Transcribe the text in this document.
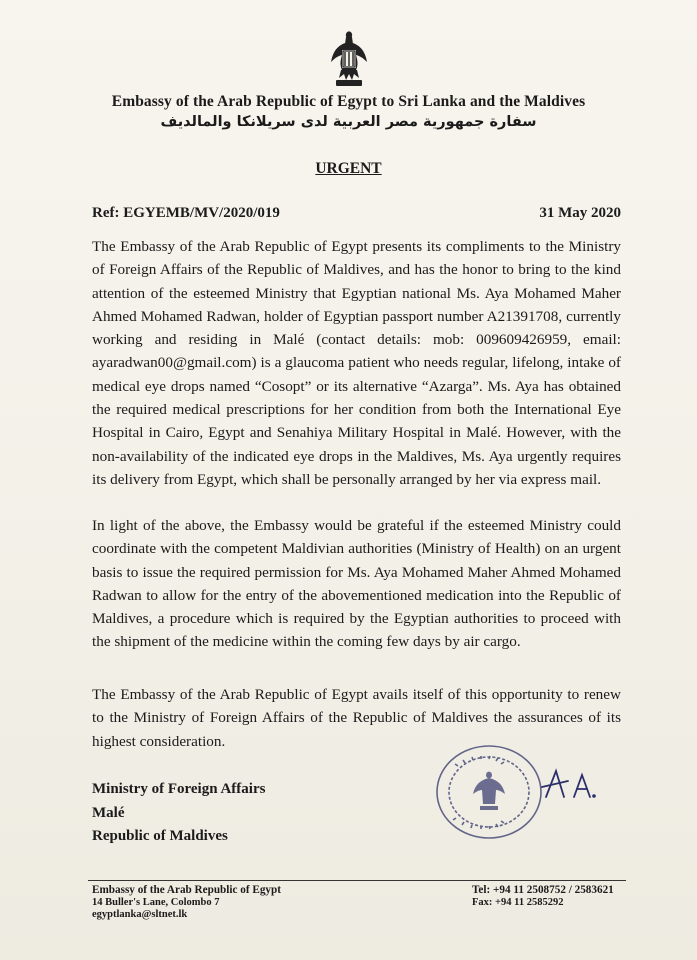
Embassy of the Arab Republic of Egypt to Sri Lanka and the Maldives
سفارة جمهورية مصر العربية لدى سريلانكا والمالديف
URGENT
Ref: EGYEMB/MV/2020/019	31 May 2020
The Embassy of the Arab Republic of Egypt presents its compliments to the Ministry of Foreign Affairs of the Republic of Maldives, and has the honor to bring to the kind attention of the esteemed Ministry that Egyptian national Ms. Aya Mohamed Maher Ahmed Mohamed Radwan, holder of Egyptian passport number A21391708, currently working and residing in Malé (contact details: mob: 009609426959, email: ayaradwan00@gmail.com) is a glaucoma patient who needs regular, lifelong, intake of medical eye drops named “Cosopt” or its alternative “Azarga”. Ms. Aya has obtained the required medical prescriptions for her condition from both the International Eye Hospital in Cairo, Egypt and Senahiya Military Hospital in Malé. However, with the non-availability of the indicated eye drops in the Maldives, Ms. Aya urgently requires its delivery from Egypt, which shall be personally arranged by her via express mail.
In light of the above, the Embassy would be grateful if the esteemed Ministry could coordinate with the competent Maldivian authorities (Ministry of Health) on an urgent basis to issue the required permission for Ms. Aya Mohamed Maher Ahmed Mohamed Radwan to allow for the entry of the abovementioned medication into the Republic of Maldives, a procedure which is required by the Egyptian authorities to proceed with the shipment of the medicine within the coming few days by air cargo.
The Embassy of the Arab Republic of Egypt avails itself of this opportunity to renew to the Ministry of Foreign Affairs of the Republic of Maldives the assurances of its highest consideration.
Ministry of Foreign Affairs
Malé
Republic of Maldives
Embassy of the Arab Republic of Egypt
14 Buller's Lane, Colombo 7
egyptlanka@sltnet.lk
Tel: +94 11 2508752 / 2583621
Fax: +94 11 2585292
